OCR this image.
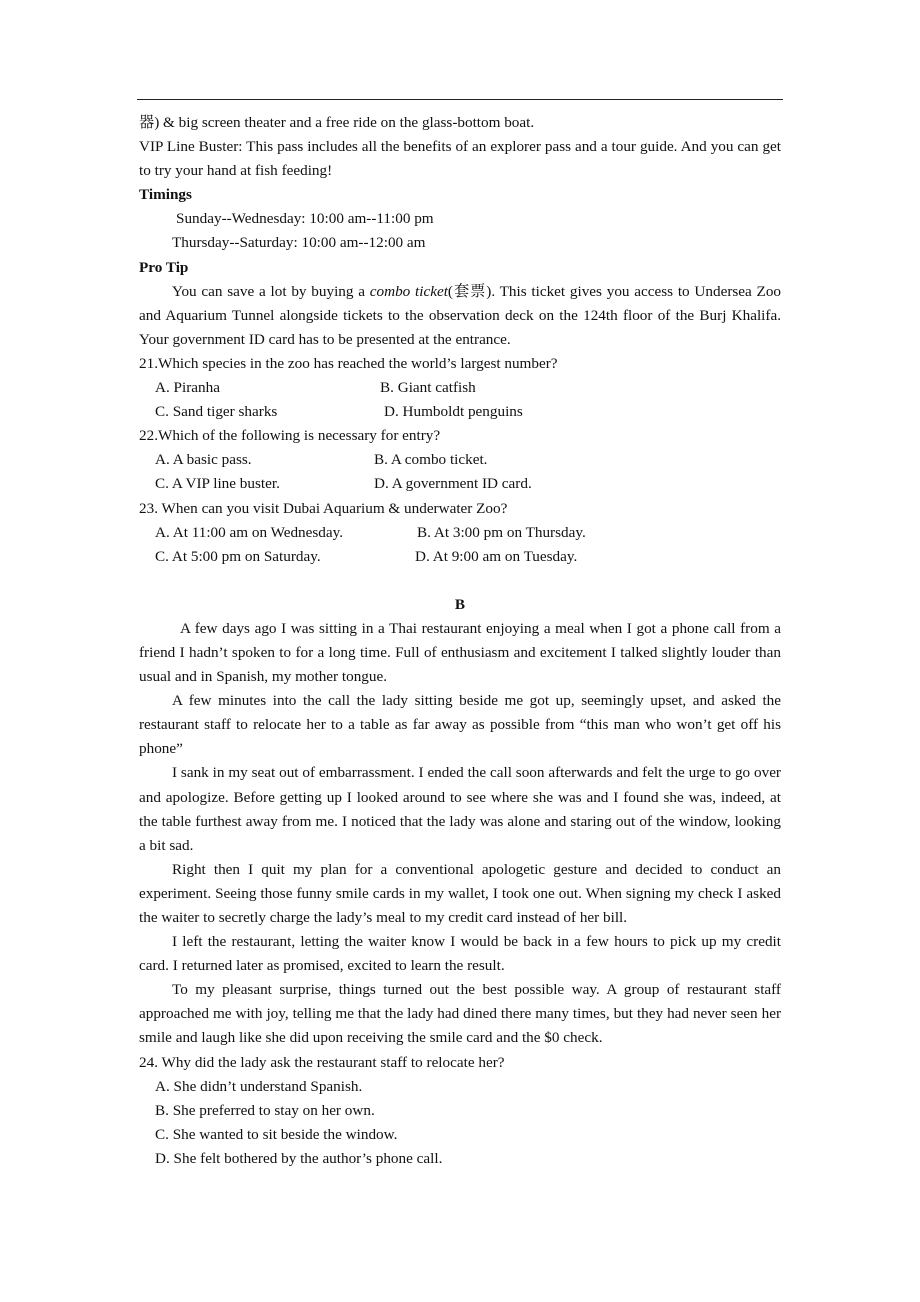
器) & big screen theater and a free ride on the glass-bottom boat.

VIP Line Buster: This pass includes all the benefits of an explorer pass and a tour guide. And you can get to try your hand at fish feeding!

Timings

Sunday--Wednesday: 10:00 am--11:00 pm

Thursday--Saturday: 10:00 am--12:00 am

Pro Tip

You can save a lot by buying a combo ticket(套票). This ticket gives you access to Undersea Zoo and Aquarium Tunnel alongside tickets to the observation deck on the 124th floor of the Burj Khalifa. Your government ID card has to be presented at the entrance.

21.Which species in the zoo has reached the world’s largest number?

A. Piranha	B. Giant catfish

C. Sand tiger sharks	D. Humboldt penguins

22.Which of the following is necessary for entry?

A. A basic pass.	B. A combo ticket.

C. A VIP line buster.	D. A government ID card.

23. When can you visit Dubai Aquarium & underwater Zoo?

A. At 11:00 am on Wednesday.	B. At 3:00 pm on Thursday.

C. At 5:00 pm on Saturday.	D. At 9:00 am on Tuesday.

B

A few days ago I was sitting in a Thai restaurant enjoying a meal when I got a phone call from a friend I hadn’t spoken to for a long time. Full of enthusiasm and excitement I talked slightly louder than usual and in Spanish, my mother tongue.

A few minutes into the call the lady sitting beside me got up, seemingly upset, and asked the restaurant staff to relocate her to a table as far away as possible from “this man who won’t get off his phone”

I sank in my seat out of embarrassment. I ended the call soon afterwards and felt the urge to go over and apologize. Before getting up I looked around to see where she was and I found she was, indeed, at the table furthest away from me. I noticed that the lady was alone and staring out of the window, looking a bit sad.

Right then I quit my plan for a conventional apologetic gesture and decided to conduct an experiment. Seeing those funny smile cards in my wallet, I took one out. When signing my check I asked the waiter to secretly charge the lady’s meal to my credit card instead of her bill.

I left the restaurant, letting the waiter know I would be back in a few hours to pick up my credit card. I returned later as promised, excited to learn the result.

To my pleasant surprise, things turned out the best possible way. A group of restaurant staff approached me with joy, telling me that the lady had dined there many times, but they had never seen her smile and laugh like she did upon receiving the smile card and the $0 check.

24. Why did the lady ask the restaurant staff to relocate her?

A. She didn’t understand Spanish.

B. She preferred to stay on her own.

C. She wanted to sit beside the window.

D. She felt bothered by the author’s phone call.
